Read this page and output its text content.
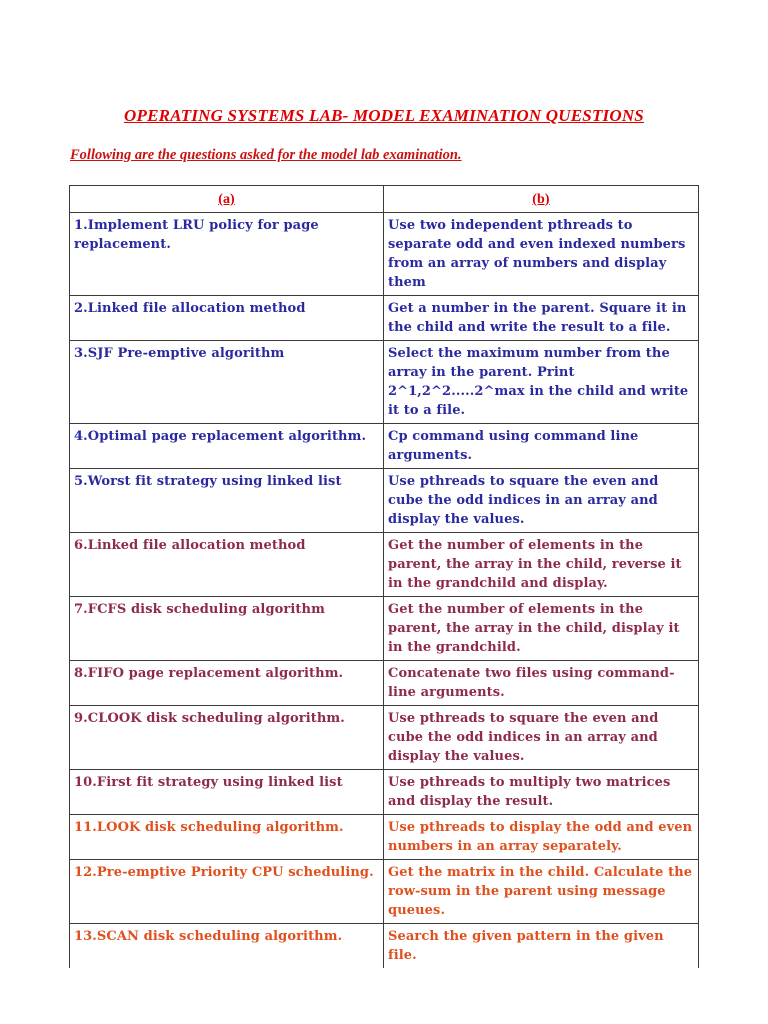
OPERATING SYSTEMS LAB- MODEL EXAMINATION QUESTIONS
Following are the questions asked for the model lab examination.
(a)	(b)
1.Implement LRU policy for page replacement.	Use two independent pthreads to separate odd and even indexed numbers from an array of numbers and display them
2.Linked file allocation method	Get a number in the parent. Square it in the child and write the result to a file.
3.SJF Pre-emptive algorithm	Select the maximum number from the array in the parent. Print 2^1,2^2.....2^max in the child and write it to a file.
4.Optimal page replacement algorithm.	Cp command using command line arguments.
5.Worst fit strategy using linked list	Use pthreads to square the even and cube the odd indices in an array and display the values.
6.Linked file allocation method	Get the number of elements in the parent, the array in the child, reverse it in the grandchild and display.
7.FCFS disk scheduling algorithm	Get the number of elements in the parent, the array in the child, display it in the grandchild.
8.FIFO page replacement algorithm.	Concatenate two files using command-line arguments.
9.CLOOK disk scheduling algorithm.	Use pthreads to square the even and cube the odd indices in an array and display the values.
10.First fit strategy using linked list	Use pthreads to multiply two matrices and display the result.
11.LOOK disk scheduling algorithm.	Use pthreads to display the odd and even numbers in an array separately.
12.Pre-emptive Priority CPU scheduling.	Get the matrix in the child. Calculate the row-sum in the parent using message queues.
13.SCAN disk scheduling algorithm.	Search the given pattern in the given file.
